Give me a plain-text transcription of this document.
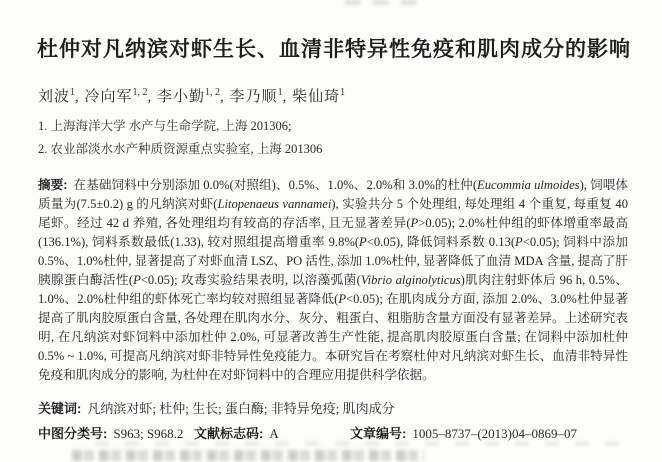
杜仲对凡纳滨对虾生长、血清非特异性免疫和肌肉成分的影响
刘波$^1$, 冷向军$^{1, 2}$, 李小勤$^{1, 2}$, 李乃顺$^1$, 柴仙琦$^1$
1. 上海海洋大学 水产与生命学院, 上海 201306;
2. 农业部淡水水产种质资源重点实验室, 上海 201306
摘要: 在基础饲料中分别添加 0.0%(对照组)、0.5%、1.0%、2.0%和 3.0%的杜仲(Eucommia ulmoides), 饲喂体质量为(7.5±0.2) g 的凡纳滨对虾(Litopenaeus vannamei), 实验共分 5 个处理组, 每处理组 4 个重复, 每重复 40 尾虾。经过 42 d 养殖, 各处理组均有较高的存活率, 且无显著差异(P>0.05); 2.0%杜仲组的虾体增重率最高(136.1%), 饲料系数最低(1.33), 较对照组提高增重率 9.8%(P<0.05), 降低饲料系数 0.13(P<0.05); 饲料中添加 0.5%、1.0%杜仲, 显著提高了对虾血清 LSZ、PO 活性, 添加 1.0%杜仲, 显著降低了血清 MDA 含量, 提高了肝胰腺蛋白酶活性(P<0.05); 攻毒实验结果表明, 以溶藻弧菌(Vibrio alginolyticus)肌肉注射虾体后 96 h, 0.5%、1.0%、2.0%杜仲组的虾体死亡率均较对照组显著降低(P<0.05); 在肌肉成分方面, 添加 2.0%、3.0%杜仲显著提高了肌肉胶原蛋白含量, 各处理在肌肉水分、灰分、粗蛋白、粗脂肪含量方面没有显著差异。上述研究表明, 在凡纳滨对虾饲料中添加杜仲 2.0%, 可显著改善生产性能, 提高肌肉胶原蛋白含量; 在饲料中添加杜仲 0.5% ~ 1.0%, 可提高凡纳滨对虾非特异性免疫能力。本研究旨在考察杜仲对凡纳滨对虾生长、血清非特异性免疫和肌肉成分的影响, 为杜仲在对虾饲料中的合理应用提供科学依据。
关键词: 凡纳滨对虾; 杜仲; 生长; 蛋白酶; 非特异免疫; 肌肉成分
中图分类号: S963; S968.2 文献标志码: A	文章编号: 1005–8737–(2013)04–0869–07
